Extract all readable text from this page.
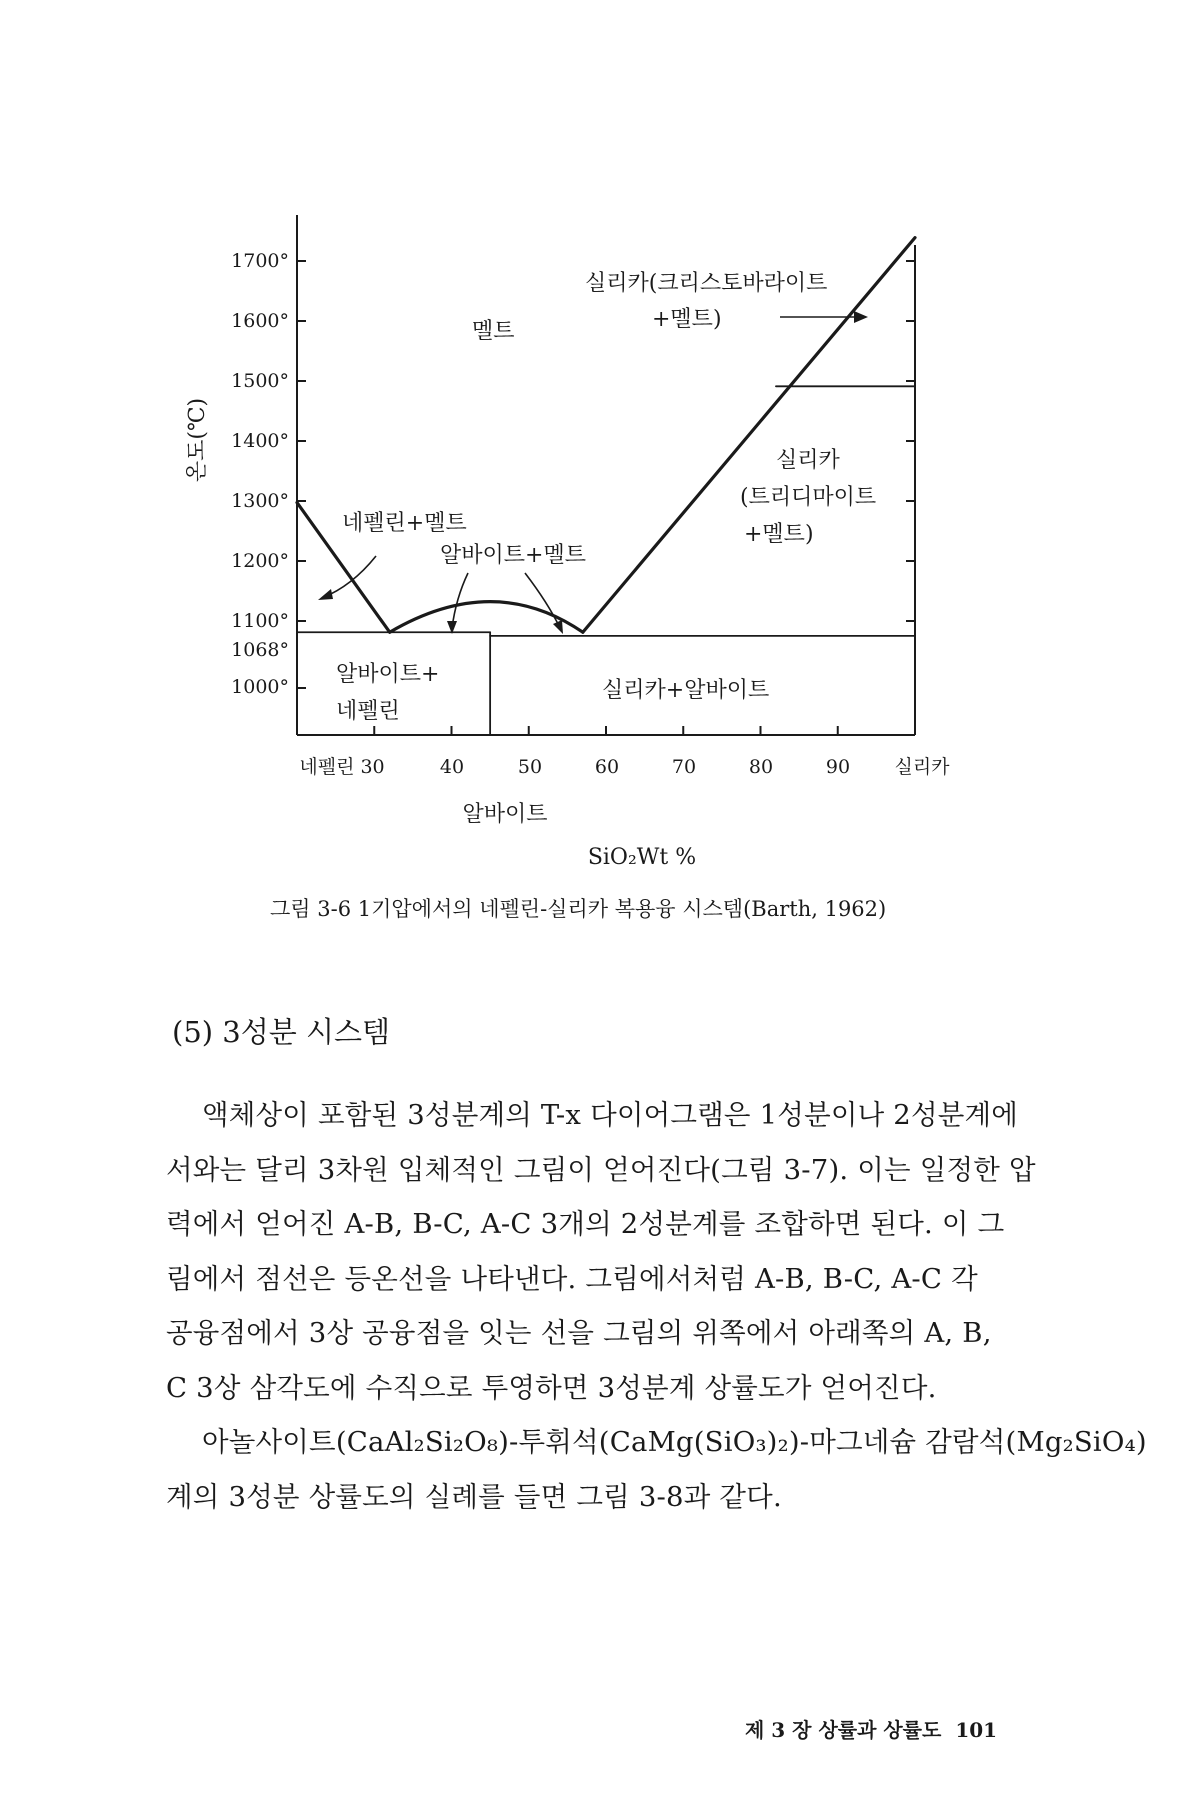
1700°
1600°
1500°
1400°
1300°
1200°
1100°
1068°
1000°
온도(℃)
네펠린 30	40	50	60	70	80	90 실리카
알바이트
SiO₂Wt %
멜트
실리카(크리스토바라이트
+멜트)
실리카
(트리디마이트
+멜트)
네펠린+멜트
알바이트+멜트
알바이트+
네펠린
실리카+알바이트
그림 3-6 1기압에서의 네펠린-실리카 복용융 시스템(Barth, 1962)
(5) 3성분 시스템
액체상이 포함된 3성분계의 T-x 다이어그램은 1성분이나 2성분계에
서와는 달리 3차원 입체적인 그림이 얻어진다(그림 3-7). 이는 일정한 압
력에서 얻어진 A-B, B-C, A-C 3개의 2성분계를 조합하면 된다. 이 그
림에서 점선은 등온선을 나타낸다. 그림에서처럼 A-B, B-C, A-C 각
공융점에서 3상 공융점을 잇는 선을 그림의 위쪽에서 아래쪽의 A, B,
C 3상 삼각도에 수직으로 투영하면 3성분계 상률도가 얻어진다.
아놀사이트(CaAl₂Si₂O₈)-투휘석(CaMg(SiO₃)₂)-마그네슘 감람석(Mg₂SiO₄)
계의 3성분 상률도의 실례를 들면 그림 3-8과 같다.
제 3 장 상률과 상률도 101
